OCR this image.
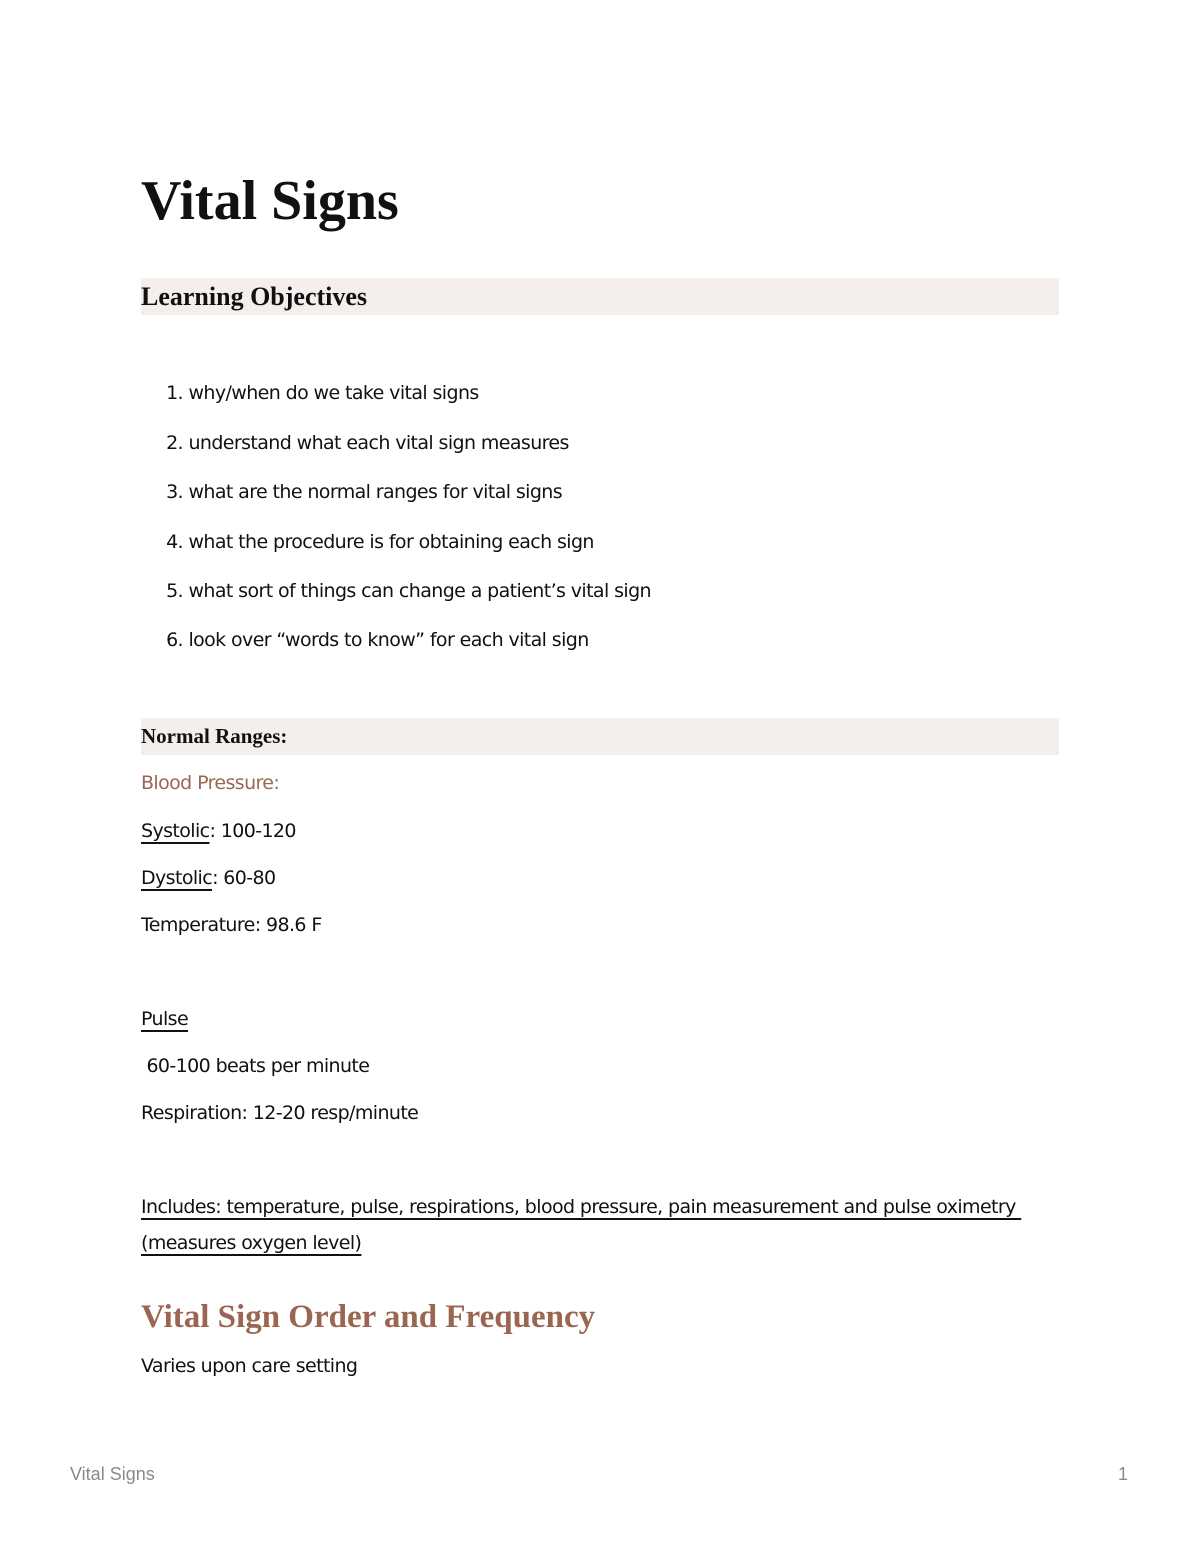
Vital Signs
Learning Objectives
1. why/when do we take vital signs
2. understand what each vital sign measures
3. what are the normal ranges for vital signs
4. what the procedure is for obtaining each sign
5. what sort of things can change a patient’s vital sign
6. look over “words to know” for each vital sign
Normal Ranges:
Blood Pressure:
Systolic: 100-120
Dystolic: 60-80
Temperature: 98.6 F
Pulse
60-100 beats per minute
Respiration: 12-20 resp/minute
Includes: temperature, pulse, respirations, blood pressure, pain measurement and pulse oximetry
(measures oxygen level)
Vital Sign Order and Frequency
Varies upon care setting
Vital Signs	1
